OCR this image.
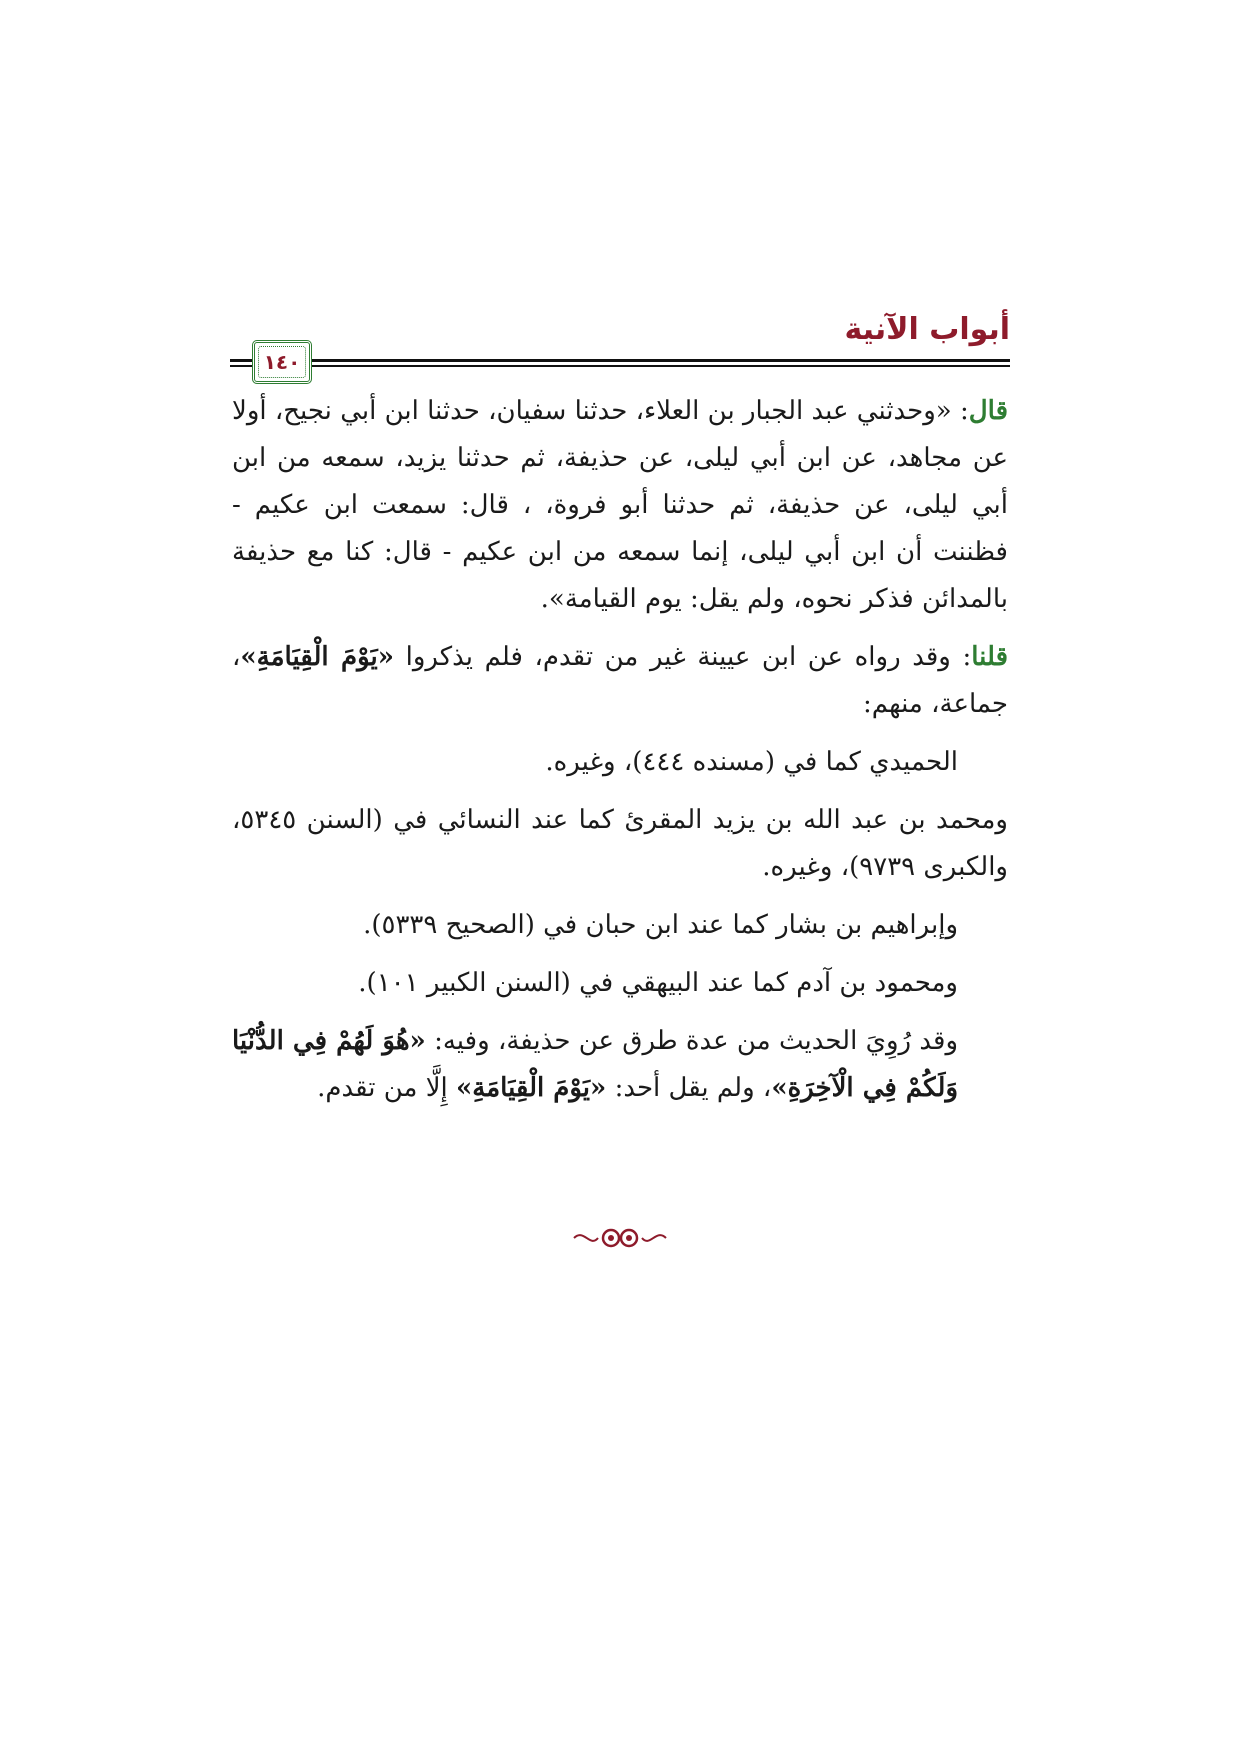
أبواب الآنية
١٤٠

قال: «وحدثني عبد الجبار بن العلاء، حدثنا سفيان، حدثنا ابن أبي نجيح، أولا عن مجاهد، عن ابن أبي ليلى، عن حذيفة، ثم حدثنا يزيد، سمعه من ابن أبي ليلى، عن حذيفة، ثم حدثنا أبو فروة، ، قال: سمعت ابن عكيم - فظننت أن ابن أبي ليلى، إنما سمعه من ابن عكيم - قال: كنا مع حذيفة بالمدائن فذكر نحوه، ولم يقل: يوم القيامة».

قلنا: وقد رواه عن ابن عيينة غير من تقدم، فلم يذكروا «يَوْمَ الْقِيَامَةِ»، جماعة، منهم:

الحميدي كما في (مسنده ٤٤٤)، وغيره.

ومحمد بن عبد الله بن يزيد المقرئ كما عند النسائي في (السنن ٥٣٤٥، والكبرى ٩٧٣٩)، وغيره.

وإبراهيم بن بشار كما عند ابن حبان في (الصحيح ٥٣٣٩).

ومحمود بن آدم كما عند البيهقي في (السنن الكبير ١٠١).

وقد رُوِيَ الحديث من عدة طرق عن حذيفة، وفيه: «هُوَ لَهُمْ فِي الدُّنْيَا وَلَكُمْ فِي الْآخِرَةِ»، ولم يقل أحد: «يَوْمَ الْقِيَامَةِ» إِلَّا من تقدم.
